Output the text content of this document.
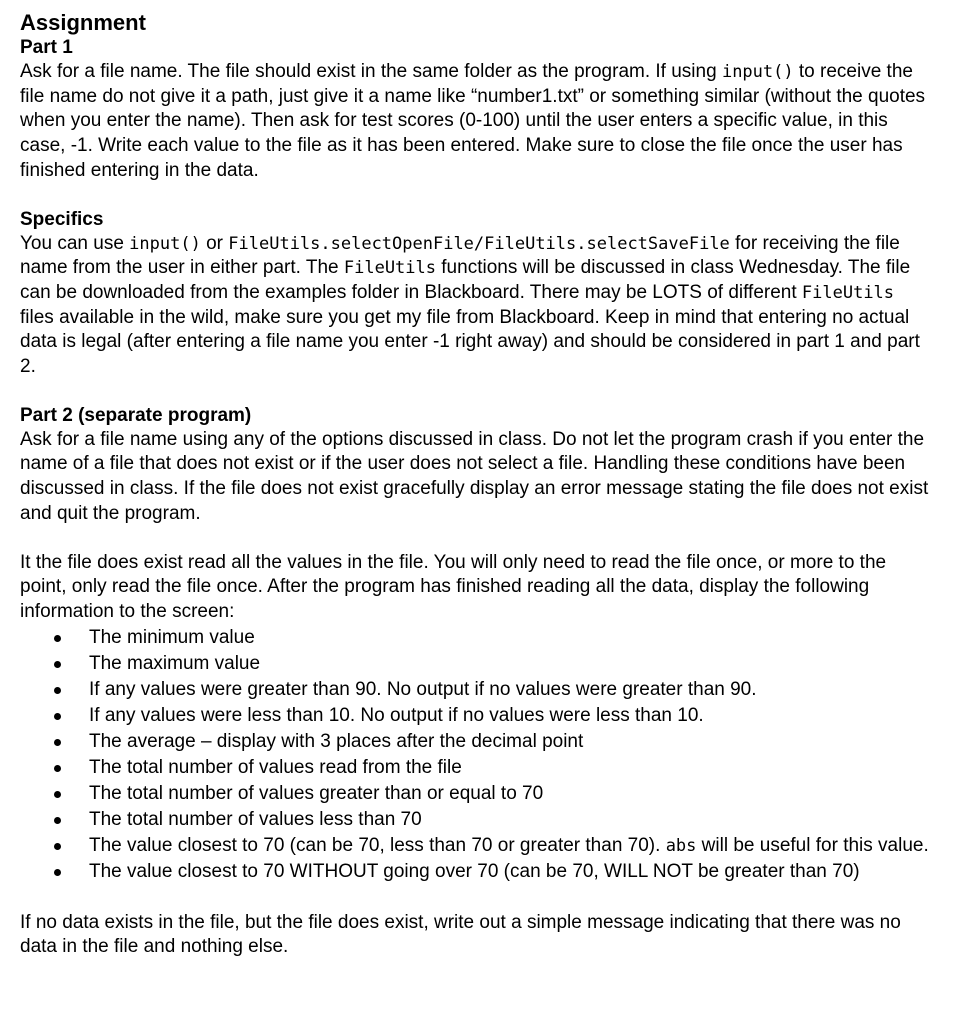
Assignment
Part 1

Ask for a file name. The file should exist in the same folder as the program. If using input() to receive the file name do not give it a path, just give it a name like “number1.txt” or something similar (without the quotes when you enter the name). Then ask for test scores (0-100) until the user enters a specific value, in this case, -1. Write each value to the file as it has been entered. Make sure to close the file once the user has finished entering in the data.

Specifics

You can use input() or FileUtils.selectOpenFile/FileUtils.selectSaveFile for receiving the file name from the user in either part. The FileUtils functions will be discussed in class Wednesday. The file can be downloaded from the examples folder in Blackboard. There may be LOTS of different FileUtils files available in the wild, make sure you get my file from Blackboard. Keep in mind that entering no actual data is legal (after entering a file name you enter -1 right away) and should be considered in part 1 and part 2.

Part 2 (separate program)

Ask for a file name using any of the options discussed in class. Do not let the program crash if you enter the name of a file that does not exist or if the user does not select a file. Handling these conditions have been discussed in class. If the file does not exist gracefully display an error message stating the file does not exist and quit the program.

It the file does exist read all the values in the file. You will only need to read the file once, or more to the point, only read the file once. After the program has finished reading all the data, display the following information to the screen:

The minimum value
The maximum value
If any values were greater than 90. No output if no values were greater than 90.
If any values were less than 10. No output if no values were less than 10.
The average – display with 3 places after the decimal point
The total number of values read from the file
The total number of values greater than or equal to 70
The total number of values less than 70
The value closest to 70 (can be 70, less than 70 or greater than 70). abs will be useful for this value.
The value closest to 70 WITHOUT going over 70 (can be 70, WILL NOT be greater than 70)

If no data exists in the file, but the file does exist, write out a simple message indicating that there was no data in the file and nothing else.
